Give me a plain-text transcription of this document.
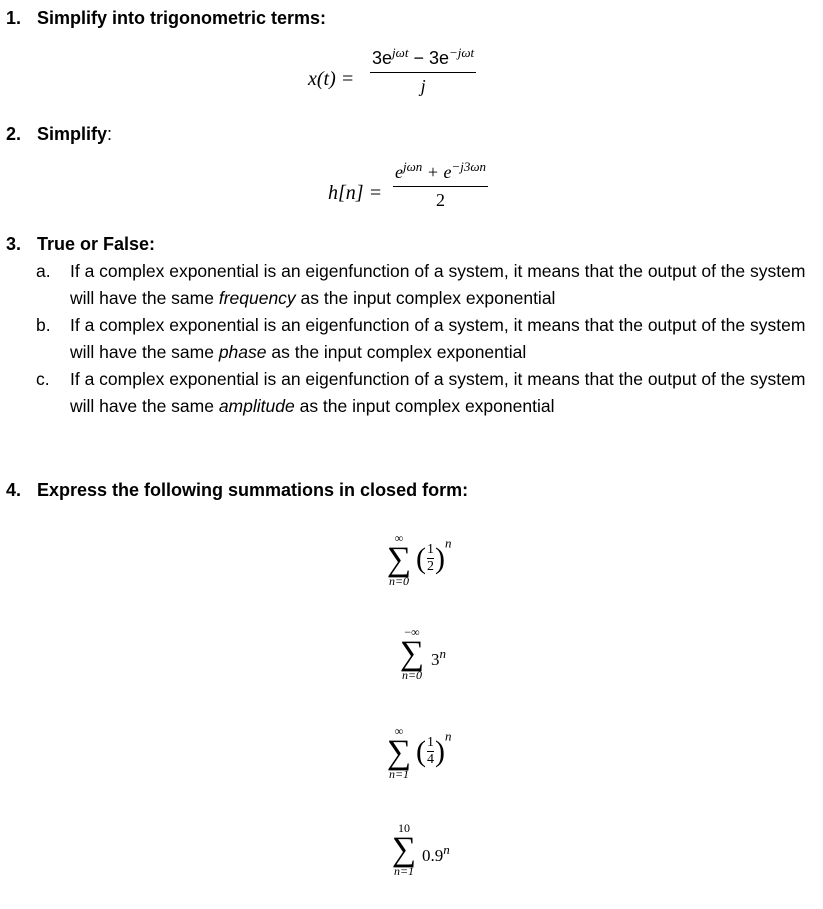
1. Simplify into trigonometric terms:
x(t) =
$3e^{j\omega t} - 3e^{-j\omega t}$
j
2. Simplify:
h[n] =
$e^{j\omega n} + e^{-j3\omega n}$
2
3. True or False:
a. If a complex exponential is an eigenfunction of a system, it means that the output of the system will have the same frequency as the input complex exponential
b. If a complex exponential is an eigenfunction of a system, it means that the output of the system will have the same phase as the input complex exponential
c. If a complex exponential is an eigenfunction of a system, it means that the output of the system will have the same amplitude as the input complex exponential
4. Express the following summations in closed form:
∞
∑
n=0
( 1
2 ) $^n$
−∞
∑
n=0
3$^n$
∞
∑
n=1
( 1
4 ) $^n$
10
∑
n=1
0.9$^n$
